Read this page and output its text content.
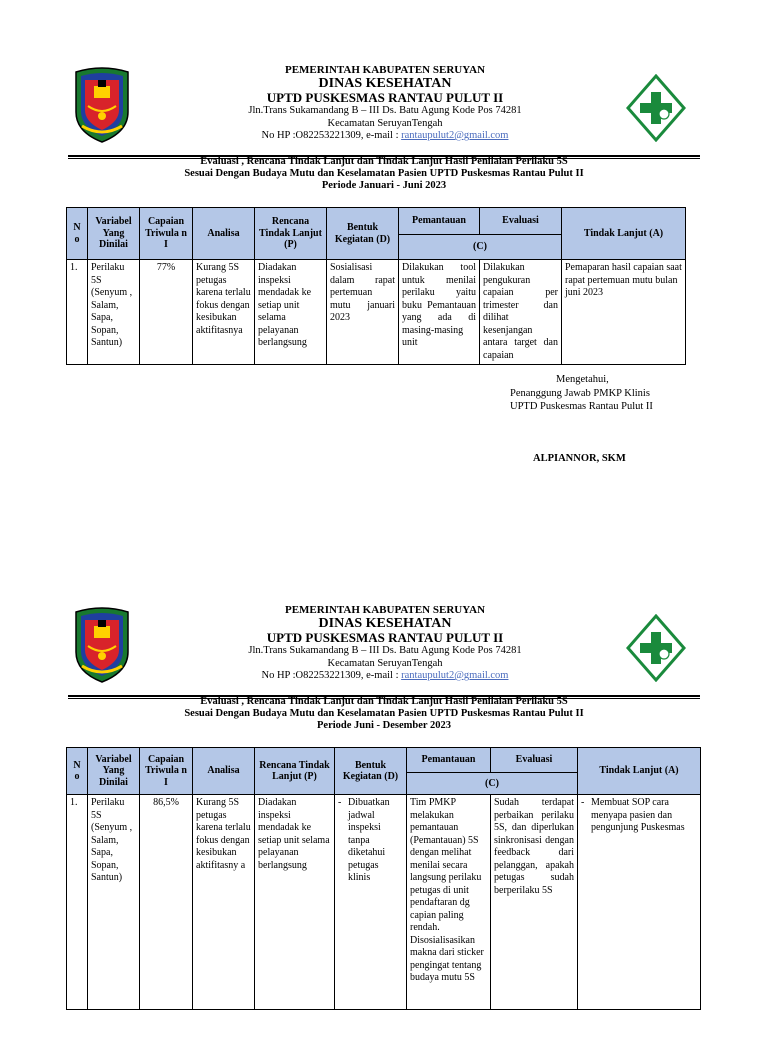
PEMERINTAH KABUPATEN SERUYAN
DINAS KESEHATAN
UPTD PUSKESMAS RANTAU PULUT II
Jln.Trans Sukamandang B – III Ds. Batu Agung Kode Pos 74281
Kecamatan SeruyanTengah
No HP :O82253221309, e-mail : rantaupulut2@gmail.com
Evaluasi , Rencana Tindak Lanjut dan Tindak Lanjut Hasil Penilaian Perilaku 5S
Sesuai Dengan Budaya Mutu dan Keselamatan Pasien UPTD Puskesmas Rantau Pulut II
Periode Januari - Juni 2023
N o	Variabel Yang Dinilai	Capaian Triwula n I	Analisa	Rencana Tindak Lanjut (P)	Bentuk Kegiatan (D)	Pemantauan	Evaluasi	Tindak Lanjut (A)
						(C)		
1.	Perilaku 5S (Senyum , Salam, Sapa, Sopan, Santun)	77%	Kurang 5S petugas karena terlalu fokus dengan kesibukan aktifitasnya	Diadakan inspeksi mendadak ke setiap unit selama pelayanan berlangsung	Sosialisasi dalam rapat pertemuan mutu januari 2023	Dilakukan tool untuk menilai perilaku yaitu buku Pemantauan yang ada di masing-masing unit	Dilakukan pengukuran capaian per trimester dan dilihat kesenjangan antara target dan capaian	Pemaparan hasil capaian saat rapat pertemuan mutu bulan juni 2023
Mengetahui,
Penanggung Jawab PMKP Klinis
UPTD Puskesmas Rantau Pulut II
ALPIANNOR, SKM
PEMERINTAH KABUPATEN SERUYAN
DINAS KESEHATAN
UPTD PUSKESMAS RANTAU PULUT II
Jln.Trans Sukamandang B – III Ds. Batu Agung Kode Pos 74281
Kecamatan SeruyanTengah
No HP :O82253221309, e-mail : rantaupulut2@gmail.com
Evaluasi , Rencana Tindak Lanjut dan Tindak Lanjut Hasil Penilaian Perilaku 5S
Sesuai Dengan Budaya Mutu dan Keselamatan Pasien UPTD Puskesmas Rantau Pulut II
Periode Juni - Desember 2023
N o	Variabel Yang Dinilai	Capaian Triwula n I	Analisa	Rencana Tindak Lanjut (P)	Bentuk Kegiatan (D)	Pemantauan	Evaluasi	Tindak Lanjut (A)
						(C)		
1.	Perilaku 5S (Senyum , Salam, Sapa, Sopan, Santun)	86,5%	Kurang 5S petugas karena terlalu fokus dengan kesibukan aktifitasny a	Diadakan inspeksi mendadak ke setiap unit selama pelayanan berlangsung	- Dibuatkan jadwal inspeksi tanpa diketahui petugas klinis	Tim PMKP melakukan pemantauan (Pemantauan) 5S dengan melihat menilai secara langsung perilaku petugas di unit pendaftaran dg capian paling rendah. Disosialisasikan makna dari sticker pengingat tentang budaya mutu 5S	Sudah terdapat perbaikan perilaku 5S, dan diperlukan sinkronisasi dengan feedback dari pelanggan, apakah petugas sudah berperilaku 5S	- Membuat SOP cara menyapa pasien dan pengunjung Puskesmas
